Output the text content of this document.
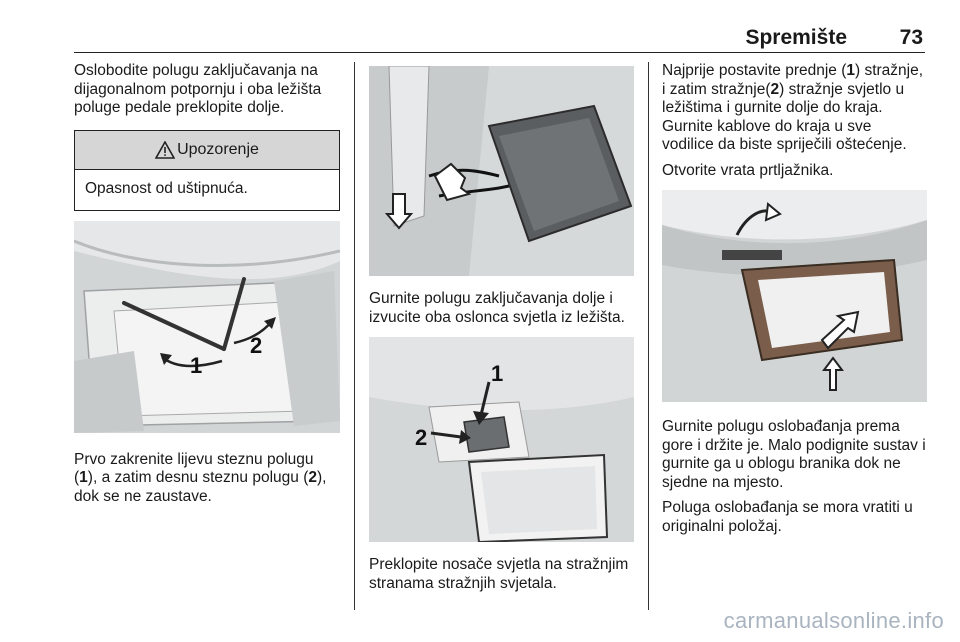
Spremište	73

Oslobodite polugu zaključavanja na dijagonalnom potpornju i oba ležišta poluge pedale preklopite dolje.

Upozorenje
Opasnost od uštipnuća.
1
2

Prvo zakrenite lijevu steznu polugu (1), a zatim desnu steznu polugu (2), dok se ne zaustave.

Gurnite polugu zaključavanja dolje i izvucite oba oslonca svjetla iz ležišta.

1
2

Preklopite nosače svjetla na stražnjim stranama stražnjih svjetala.

Najprije postavite prednje (1) stražnje, i zatim stražnje(2) stražnje svjetlo u ležištima i gurnite dolje do kraja. Gurnite kablove do kraja u sve vodilice da biste spriječili oštećenje.

Otvorite vrata prtljažnika.

Gurnite polugu oslobađanja prema gore i držite je. Malo podignite sustav i gurnite ga u oblogu branika dok ne sjedne na mjesto.

Poluga oslobađanja se mora vratiti u originalni položaj.

carmanualsonline.info
